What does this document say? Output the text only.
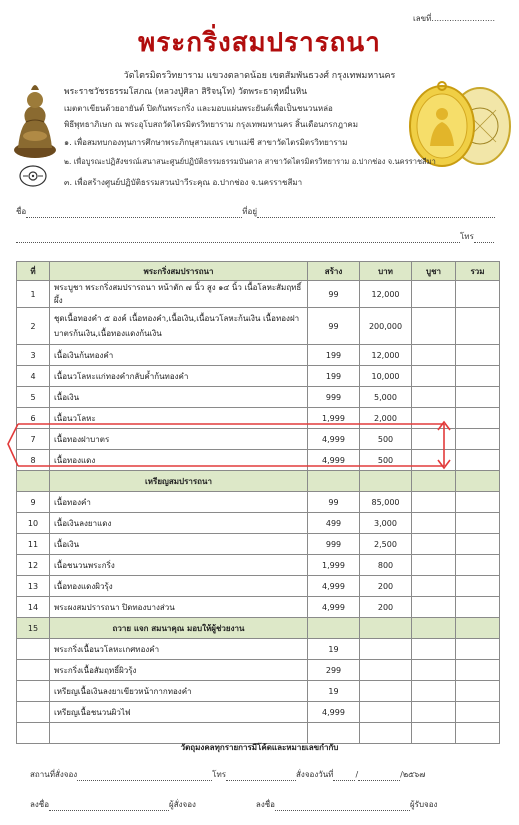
เลขที่.........................
พระกริ่งสมปรารถนา
วัดไตรมิตรวิทยาราม แขวงตลาดน้อย เขตสัมพันธวงศ์ กรุงเทพมหานคร
พระราชวัชรธรรมโสภณ (หลวงปู่ศิลา สิริจนฺโท) วัดพระธาตุหมื่นหิน
เมตตาเขียนด้วยอายันต์ ปิดกันพระกริ่ง และมอบแผ่นพระยันต์เพื่อเป็นชนวนหล่อ
พิธีพุทธาภิเษก ณ พระอุโบสถวัดไตรมิตรวิทยาราม กรุงเทพมหานคร สิ้นเดือนกรกฎาคม
๑. เพื่อสมทบกองทุนการศึกษาพระภิกษุสามเณร เขาแม่ชี สาขาวัดไตรมิตรวิทยาราม
๒. เพื่อบูรณะปฏิสังขรณ์เสนาสนะศูนย์ปฏิบัติธรรมธรรมบันดาล สาขาวัดไตรมิตรวิทยาราม อ.ปากช่อง จ.นครราชสีมา
๓. เพื่อสร้างศูนย์ปฏิบัติธรรมสวนป่าวีระคุณ อ.ปากช่อง จ.นครราชสีมา
ชื่อ	ที่อยู่
โทร
ที่	พระกริ่งสมปรารถนา	สร้าง	บาท	บูชา	รวม
1	พระบูชา พระกริ่งสมปรารถนา หน้าตัก ๗ นิ้ว สูง ๑๔ นิ้ว เนื้อโลหะสัมฤทธิ์ผึ้ง	99	12,000		
2	ชุดเนื้อทองคำ ๕ องค์ เนื้อทองคำ,เนื้อเงิน,เนื้อนวโลหะก้นเงิน เนื้อทองฝาบาตรก้นเงิน,เนื้อทองแดงก้นเงิน	99	200,000		
3	เนื้อเงินก้นทองคำ	199	12,000		
4	เนื้อนวโลหะแก่ทองคำกลับค้ำก้นทองคำ	199	10,000		
5	เนื้อเงิน	999	5,000		
6	เนื้อนวโลหะ	1,999	2,000		
7	เนื้อทองฝาบาตร	4,999	500		
8	เนื้อทองแดง	4,999	500		
	เหรียญสมปรารถนา				
9	เนื้อทองคำ	99	85,000		
10	เนื้อเงินลงยาแดง	499	3,000		
11	เนื้อเงิน	999	2,500		
12	เนื้อชนวนพระกริ่ง	1,999	800		
13	เนื้อทองแดงผิวรุ้ง	4,999	200		
14	พระผงสมปรารถนา ปิดทองบางส่วน	4,999	200		
15	ถวาย แจก สมนาคุณ มอบให้ผู้ช่วยงาน				
	พระกริ่งเนื้อนวโลหะเกศทองคำ	19			
	พระกริ่งเนื้อสัมฤทธิ์ผิวรุ้ง	299			
	เหรียญเนื้อเงินลงยาเขียวหน้ากากทองคำ	19			
	เหรียญเนื้อชนวนผิวไฟ	4,999			

วัตถุมงคลทุกรายการมีโค้ดและหมายเลขกำกับ
สถานที่สั่งจอง	โทร	สั่งจองวันที่	/	/๒๕๖๗
ลงชื่อ	ผู้สั่งจอง	ลงชื่อ	ผู้รับจอง
